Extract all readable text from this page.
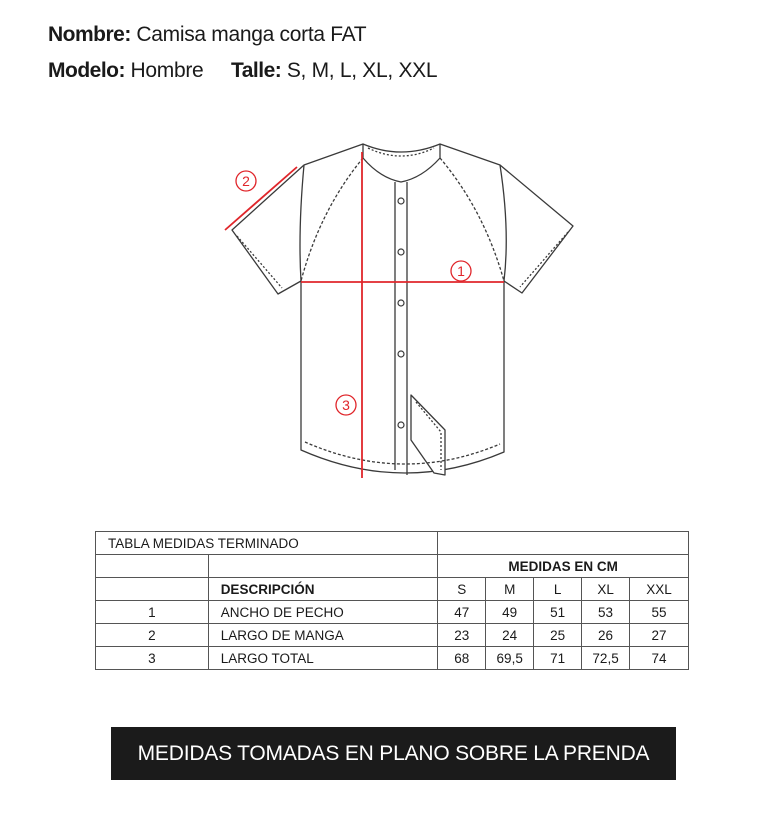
Nombre: Camisa manga corta FAT
Modelo: Hombre Talle: S, M, L, XL, XXL
1
2
3
TABLA MEDIDAS TERMINADO						
		MEDIDAS EN CM				
	DESCRIPCIÓN	S	M	L	XL	XXL
1	ANCHO DE PECHO	47	49	51	53	55
2	LARGO DE MANGA	23	24	25	26	27
3	LARGO TOTAL	68	69,5	71	72,5	74
MEDIDAS TOMADAS EN PLANO SOBRE LA PRENDA
